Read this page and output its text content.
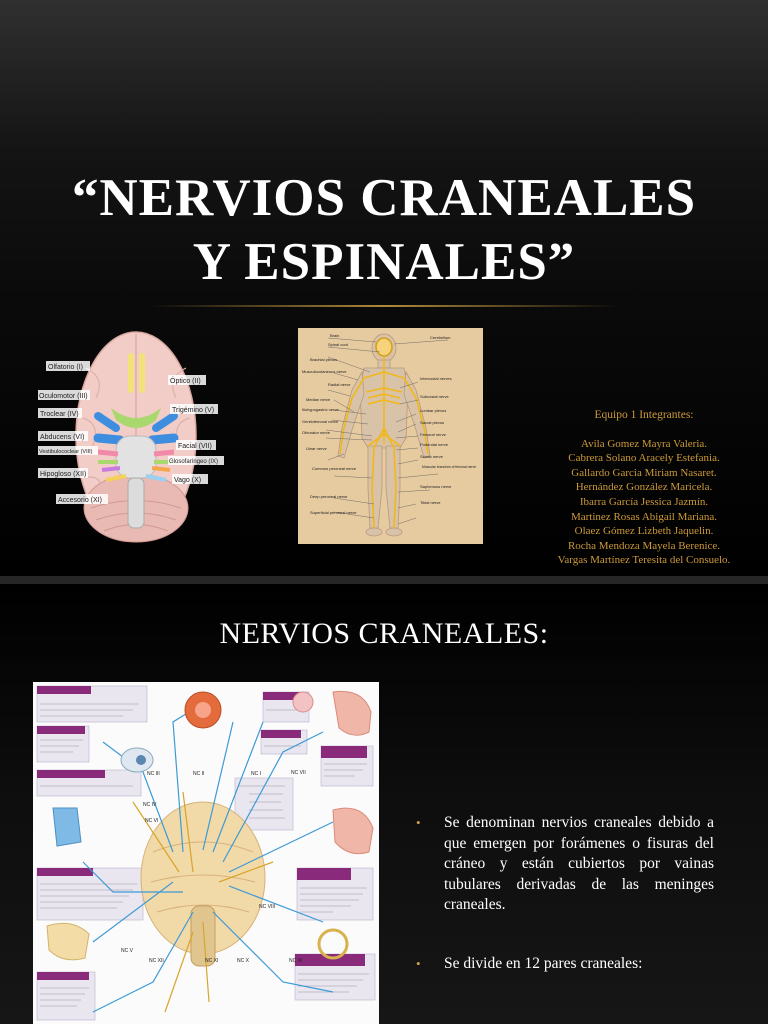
“NERVIOS CRANEALES
Y ESPINALES”
Olfatorio (I)
Oculomotor (III)
Troclear (IV)
Abducens (VI)
Vestibulococlear (VIII)
Hipogloso (XII)
Accesorio (XI)
Óptico (II)
Trigémino (V)
Facial (VII)
Glosofaríngeo (IX)
Vago (X)
Brain
Spinal cord
Brachial plexus
Musculocutaneous nerve
Radial nerve
Median nerve
Iliohypogastric nerve
Genitofemoral nerve
Obturator nerve
Ulnar nerve
Common peroneal nerve
Deep peroneal nerve
Superficial peroneal nerve
Cerebellum
Intercostal nerves
Subcostal nerve
Lumbar plexus
Sacral plexus
Femoral nerve
Pudendal nerve
Sciatic nerve
Muscular branches of femoral nerve
Saphenous nerve
Tibial nerve
Equipo 1 Integrantes:
Avila Gomez Mayra Valeria.
Cabrera Solano Aracely Estefania.
Gallardo Garcia Miriam Nasaret.
Hernández González Maricela.
Ibarra García Jessica Jazmín.
Martinez Rosas Abigail Mariana.
Olaez Gómez Lizbeth Jaquelin.
Rocha Mendoza Mayela Berenice.
Vargas Martínez Teresita del Consuelo.
NERVIOS CRANEALES:
NC III	NC II	NC I	NC VII
NC IV
NC VI
NC V
NC VIII
NC XII	NC XI	NC X	NC IX
• Se denominan nervios craneales debido a que emergen por forámenes o fisuras del cráneo y están cubiertos por vainas tubulares derivadas de las meninges craneales.
• Se divide en 12 pares craneales:
